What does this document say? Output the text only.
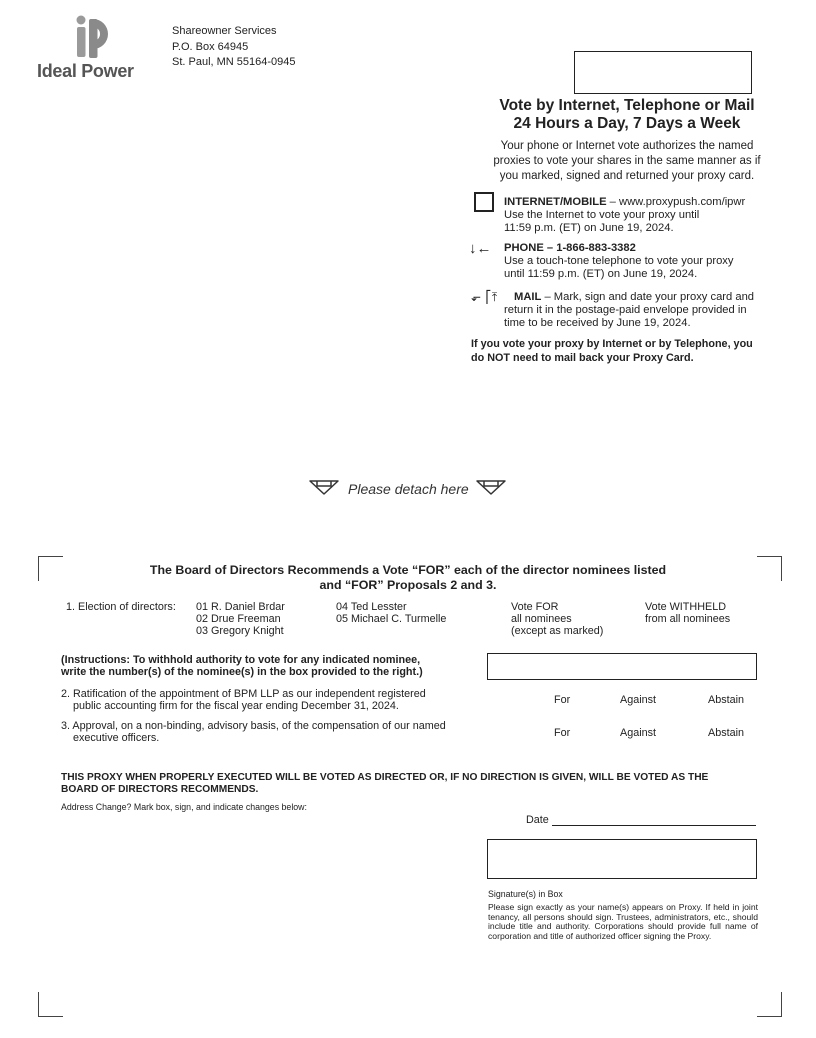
Ideal Power
Shareowner Services
P.O. Box 64945
St. Paul, MN 55164-0945
Vote by Internet, Telephone or Mail
24 Hours a Day, 7 Days a Week
Your phone or Internet vote authorizes the named
proxies to vote your shares in the same manner as if
you marked, signed and returned your proxy card.
INTERNET/MOBILE – www.proxypush.com/ipwr
Use the Internet to vote your proxy until
11:59 p.m. (ET) on June 19, 2024.
↓← PHONE – 1-866-883-3382
Use a touch-tone telephone to vote your proxy
until 11:59 p.m. (ET) on June 19, 2024.
⬐ ⎡⤒ MAIL – Mark, sign and date your proxy card and
return it in the postage-paid envelope provided in
time to be received by June 19, 2024.
If you vote your proxy by Internet or by Telephone, you
do NOT need to mail back your Proxy Card.
Please detach here
The Board of Directors Recommends a Vote “FOR” each of the director nominees listed
and “FOR” Proposals 2 and 3.
1. Election of directors: 01 R. Daniel Brdar
02 Drue Freeman
03 Gregory Knight
04 Ted Lesster
05 Michael C. Turmelle
Vote FOR
all nominees
(except as marked)
Vote WITHHELD
from all nominees
(Instructions: To withhold authority to vote for any indicated nominee,
write the number(s) of the nominee(s) in the box provided to the right.)
2. Ratification of the appointment of BPM LLP as our independent registered
public accounting firm for the fiscal year ending December 31, 2024.	For	Against	Abstain
3. Approval, on a non-binding, advisory basis, of the compensation of our named
executive officers.	For	Against	Abstain
THIS PROXY WHEN PROPERLY EXECUTED WILL BE VOTED AS DIRECTED OR, IF NO DIRECTION IS GIVEN, WILL BE VOTED AS THE
BOARD OF DIRECTORS RECOMMENDS.
Address Change? Mark box, sign, and indicate changes below:
Date
Signature(s) in Box
Please sign exactly as your name(s) appears on Proxy. If held in joint tenancy, all persons should sign. Trustees, administrators, etc., should include title and authority. Corporations should provide full name of corporation and title of authorized officer signing the Proxy.
